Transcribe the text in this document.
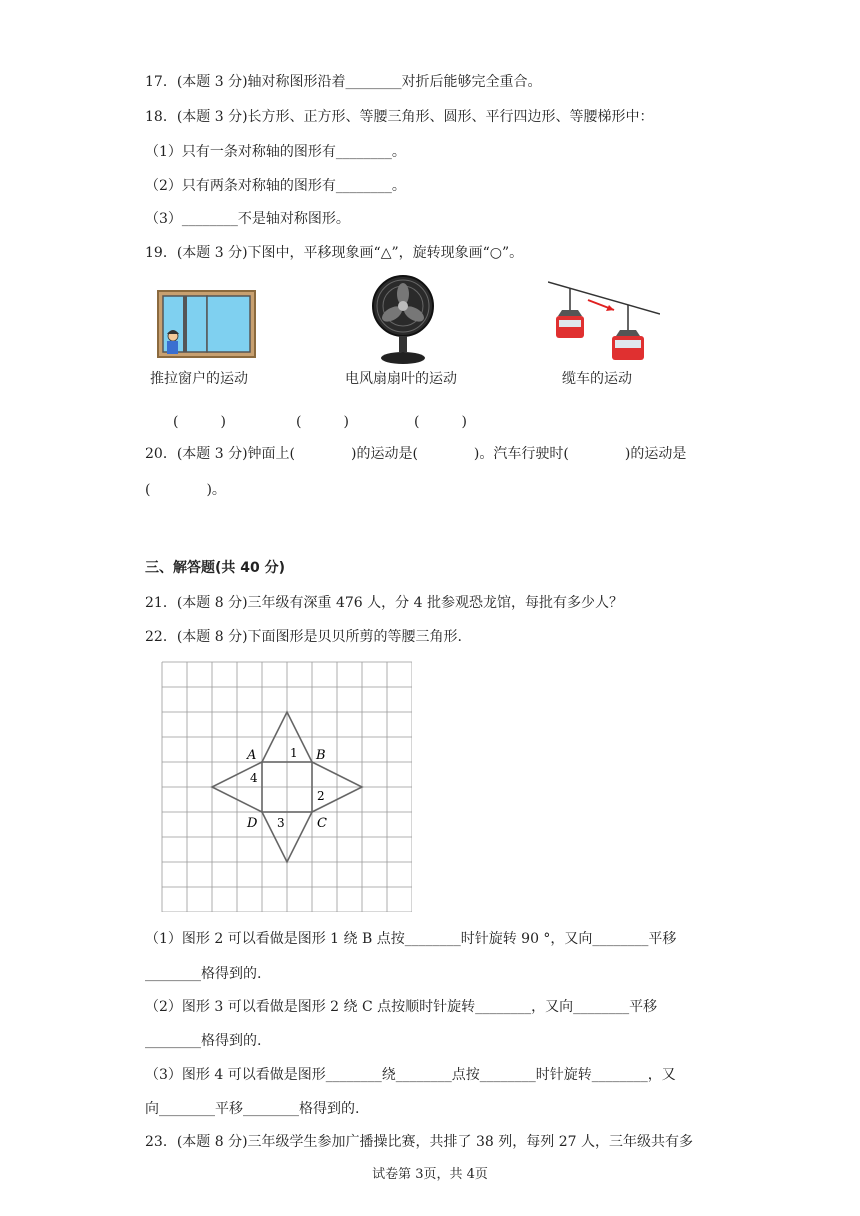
17．(本题 3 分)轴对称图形沿着________对折后能够完全重合。
18．(本题 3 分)长方形、正方形、等腰三角形、圆形、平行四边形、等腰梯形中：
（1）只有一条对称轴的图形有________。
（2）只有两条对称轴的图形有________。
（3）________不是轴对称图形。
19．(本题 3 分)下图中，平移现象画“△”，旋转现象画“○”。
推拉窗户的运动	电风扇扇叶的运动	缆车的运动
(　　　)	(　　　)	(　　　)
20．(本题 3 分)钟面上(　　　　)的运动是(　　　　)。汽车行驶时(　　　　)的运动是
(　　　　)。
三、解答题(共 40 分)
21．(本题 8 分)三年级有深重 476 人，分 4 批参观恐龙馆，每批有多少人？
22．(本题 8 分)下面图形是贝贝所剪的等腰三角形.
A	B
C
D
1
2
3
4
（1）图形 2 可以看做是图形 1 绕 B 点按________时针旋转 90 °，又向________平移
________格得到的.
（2）图形 3 可以看做是图形 2 绕 C 点按顺时针旋转________，又向________平移
________格得到的.
（3）图形 4 可以看做是图形________绕________点按________时针旋转________，又
向________平移________格得到的.
23．(本题 8 分)三年级学生参加广播操比赛，共排了 38 列，每列 27 人，三年级共有多
试卷第 3页，共 4页
